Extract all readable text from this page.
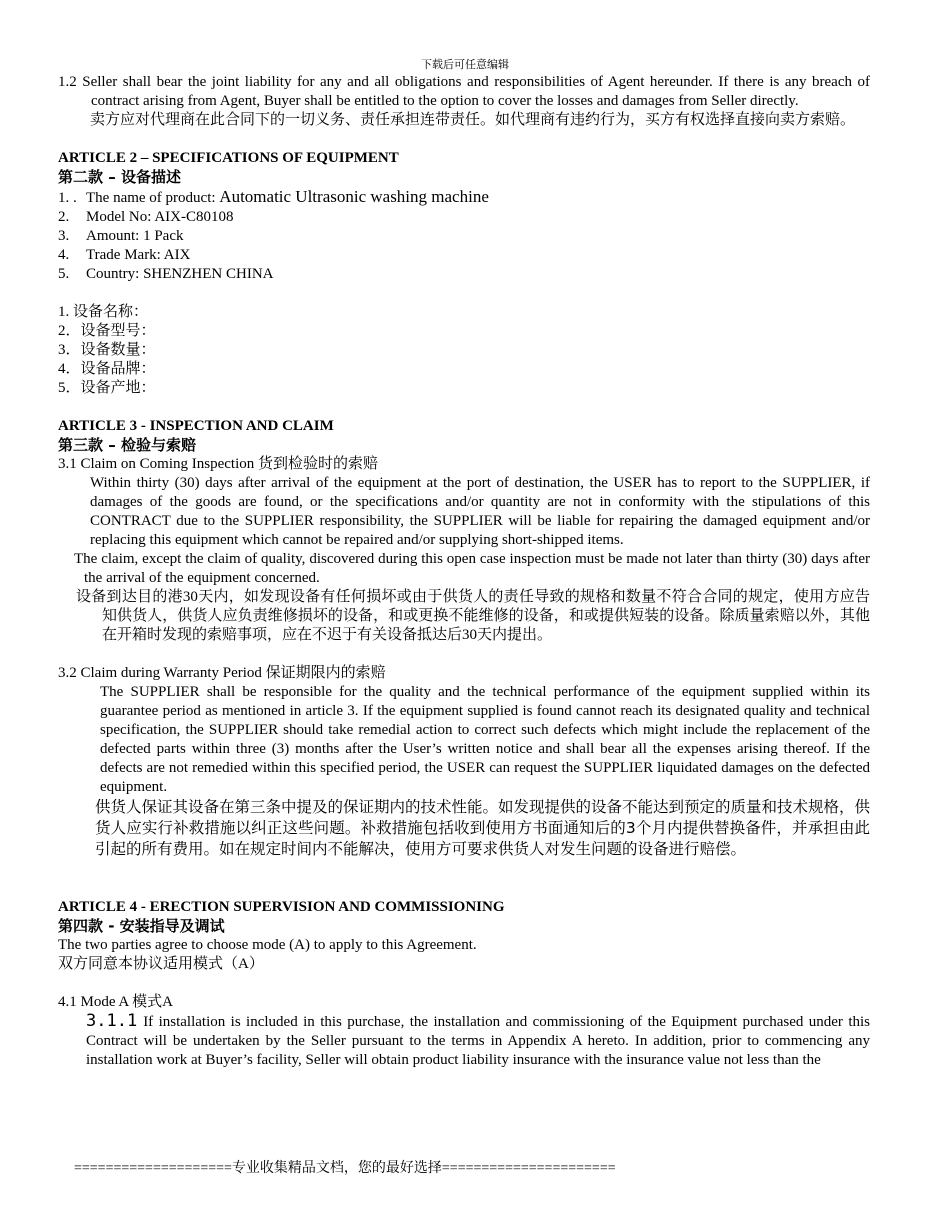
下载后可任意编辑

1.2 Seller shall bear the joint liability for any and all obligations and responsibilities of Agent hereunder. If there is any breach of contract arising from Agent, Buyer shall be entitled to the option to cover the losses and damages from Seller directly.

卖方应对代理商在此合同下的一切义务、责任承担连带责任。如代理商有违约行为，买方有权选择直接向卖方索赔。

ARTICLE 2 – SPECIFICATIONS OF EQUIPMENT

第二款 – 设备描述

1. . The name of product: Automatic Ultrasonic washing machine

2. Model No: AIX-C80108

3. Amount: 1 Pack

4. Trade Mark: AIX

5. Country: SHENZHEN CHINA

1. 设备名称：

2．设备型号：

3．设备数量：

4．设备品牌：

5．设备产地：

ARTICLE 3 - INSPECTION AND CLAIM

第三款 – 检验与索赔

3.1 Claim on Coming Inspection 货到检验时的索赔

Within thirty (30) days after arrival of the equipment at the port of destination, the USER has to report to the SUPPLIER, if damages of the goods are found, or the specifications and/or quantity are not in conformity with the stipulations of this CONTRACT due to the SUPPLIER responsibility, the SUPPLIER will be liable for repairing the damaged equipment and/or replacing this equipment which cannot be repaired and/or supplying short-shipped items.

The claim, except the claim of quality, discovered during this open case inspection must be made not later than thirty (30) days after the arrival of the equipment concerned.

设备到达目的港30天内，如发现设备有任何损坏或由于供货人的责任导致的规格和数量不符合合同的规定，使用方应告知供货人，供货人应负责维修损坏的设备，和或更换不能维修的设备，和或提供短装的设备。除质量索赔以外，其他在开箱时发现的索赔事项，应在不迟于有关设备抵达后30天内提出。

3.2 Claim during Warranty Period 保证期限内的索赔

The SUPPLIER shall be responsible for the quality and the technical performance of the equipment supplied within its guarantee period as mentioned in article 3. If the equipment supplied is found cannot reach its designated quality and technical specification, the SUPPLIER should take remedial action to correct such defects which might include the replacement of the defected parts within three (3) months after the User’s written notice and shall bear all the expenses arising thereof. If the defects are not remedied within this specified period, the USER can request the SUPPLIER liquidated damages on the defected equipment.

供货人保证其设备在第三条中提及的保证期内的技术性能。如发现提供的设备不能达到预定的质量和技术规格，供货人应实行补救措施以纠正这些问题。补救措施包括收到使用方书面通知后的3个月内提供替换备件，并承担由此引起的所有费用。如在规定时间内不能解决，使用方可要求供货人对发生问题的设备进行赔偿。

ARTICLE 4 - ERECTION SUPERVISION AND COMMISSIONING

第四款 - 安装指导及调试

The two parties agree to choose mode (A) to apply to this Agreement.

双方同意本协议适用模式（A）

4.1 Mode A 模式A

3.1.1 If installation is included in this purchase, the installation and commissioning of the Equipment purchased under this Contract will be undertaken by the Seller pursuant to the terms in Appendix A hereto. In addition, prior to commencing any installation work at Buyer’s facility, Seller will obtain product liability insurance with the insurance value not less than the

====================专业收集精品文档，您的最好选择======================
